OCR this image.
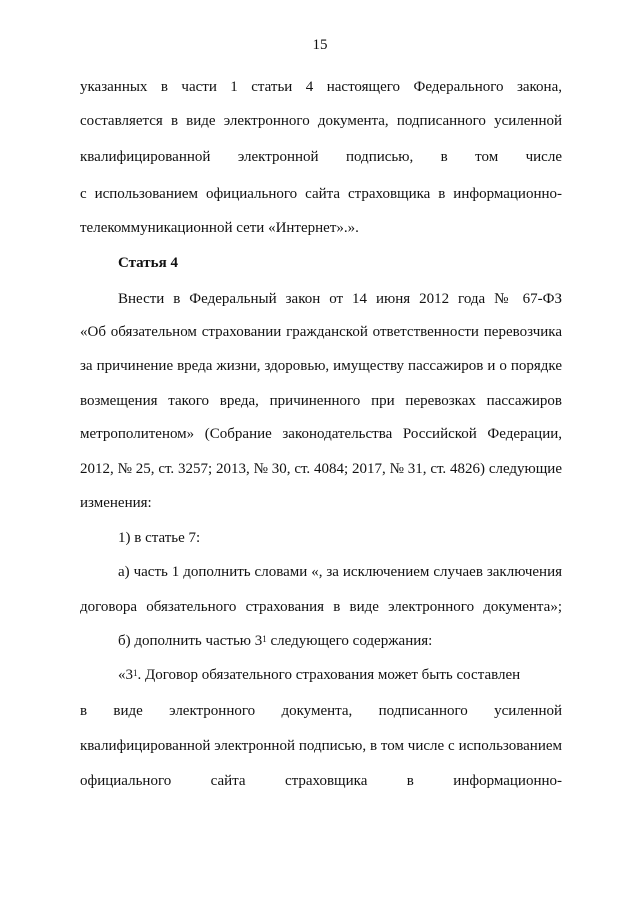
15
указанных в части 1 статьи 4 настоящего Федерального закона,
составляется в виде электронного документа, подписанного усиленной
квалифицированной электронной подписью, в том числе
с использованием официального сайта страховщика в информационно-
телекоммуникационной сети «Интернет».».
Статья 4
Внести в Федеральный закон от 14 июня 2012 года № 67-ФЗ
«Об обязательном страховании гражданской ответственности перевозчика
за причинение вреда жизни, здоровью, имуществу пассажиров и о порядке
возмещения такого вреда, причиненного при перевозках пассажиров
метрополитеном» (Собрание законодательства Российской Федерации,
2012, № 25, ст. 3257; 2013, № 30, ст. 4084; 2017, № 31, ст. 4826) следующие
изменения:
1) в статье 7:
а) часть 1 дополнить словами «, за исключением случаев заключения
договора обязательного страхования в виде электронного документа»;
б) дополнить частью $3^1$ следующего содержания:
«$3^1$. Договор обязательного страхования может быть составлен
в виде электронного документа, подписанного усиленной
квалифицированной электронной подписью, в том числе с использованием
официального сайта страховщика в информационно-
